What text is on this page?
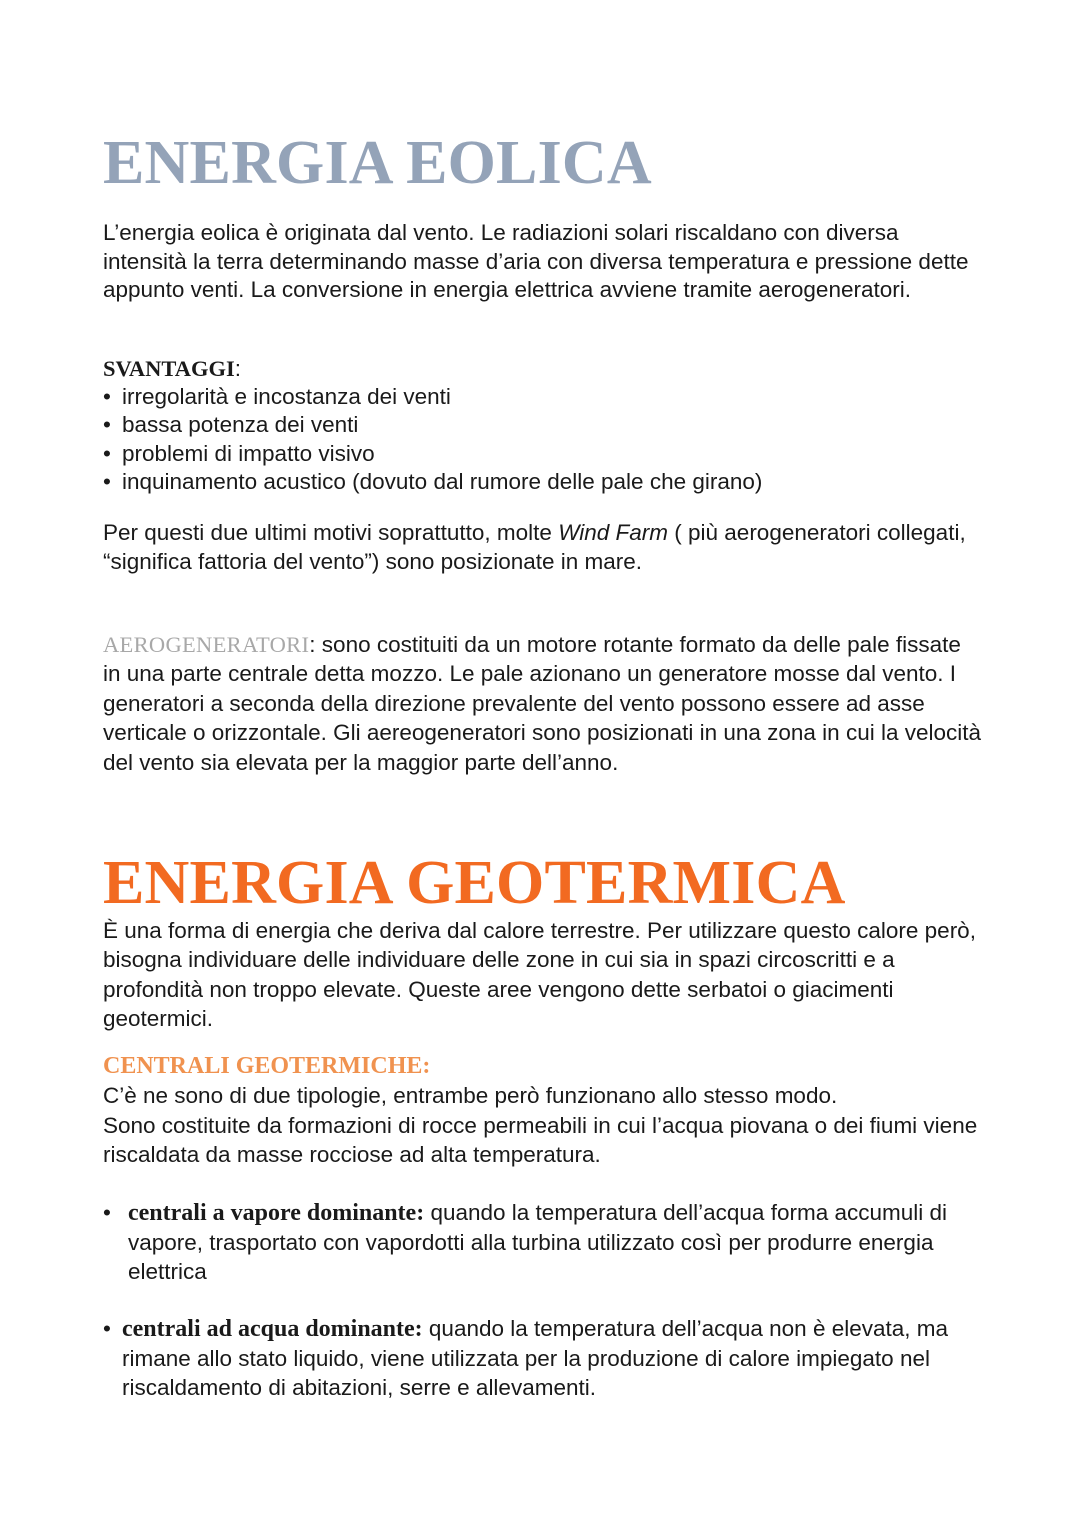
ENERGIA EOLICA

L’energia eolica è originata dal vento. Le radiazioni solari riscaldano con diversa intensità la terra determinando masse d’aria con diversa temperatura e pressione dette appunto venti. La conversione in energia elettrica avviene tramite aerogeneratori.

SVANTAGGI:
• irregolarità e incostanza dei venti
• bassa potenza dei venti
• problemi di impatto visivo
• inquinamento acustico (dovuto dal rumore delle pale che girano)

Per questi due ultimi motivi soprattutto, molte Wind Farm ( più aerogeneratori collegati, “significa fattoria del vento”) sono posizionate in mare.

AEROGENERATORI: sono costituiti da un motore rotante formato da delle pale fissate in una parte centrale detta mozzo. Le pale azionano un generatore mosse dal vento. I generatori a seconda della direzione prevalente del vento possono essere ad asse verticale o orizzontale. Gli aereogeneratori sono posizionati in una zona in cui la velocità del vento sia elevata per la maggior parte dell’anno.

ENERGIA GEOTERMICA

È una forma di energia che deriva dal calore terrestre. Per utilizzare questo calore però, bisogna individuare delle individuare delle zone in cui sia in spazi circoscritti e a profondità non troppo elevate. Queste aree vengono dette serbatoi o giacimenti geotermici.

CENTRALI GEOTERMICHE:

C’è ne sono di due tipologie, entrambe però funzionano allo stesso modo.

Sono costituite da formazioni di rocce permeabili in cui l’acqua piovana o dei fiumi viene riscaldata da masse rocciose ad alta temperatura.

• centrali a vapore dominante: quando la temperatura dell’acqua forma accumuli di vapore, trasportato con vapordotti alla turbina utilizzato così per produrre energia elettrica

• centrali ad acqua dominante: quando la temperatura dell’acqua non è elevata, ma rimane allo stato liquido, viene utilizzata per la produzione di calore impiegato nel riscaldamento di abitazioni, serre e allevamenti.
